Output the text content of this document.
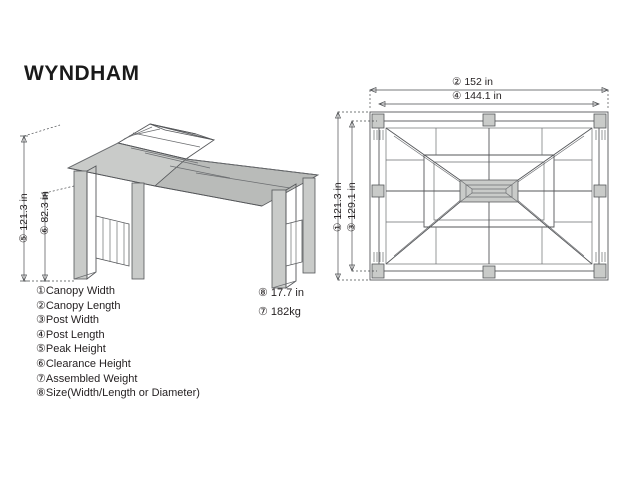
WYNDHAM
⑤ 121.3 in ⑥ 82.3 in
② 152 in
④ 144.1 in
③ 129.1 in
① 121.3 in
⑧ 17.7 in
⑦ 182kg
①Canopy Width
②Canopy Length
③Post Width
④Post Length
⑤Peak Height
⑥Clearance Height
⑦Assembled Weight
⑧Size(Width/Length or Diameter)
